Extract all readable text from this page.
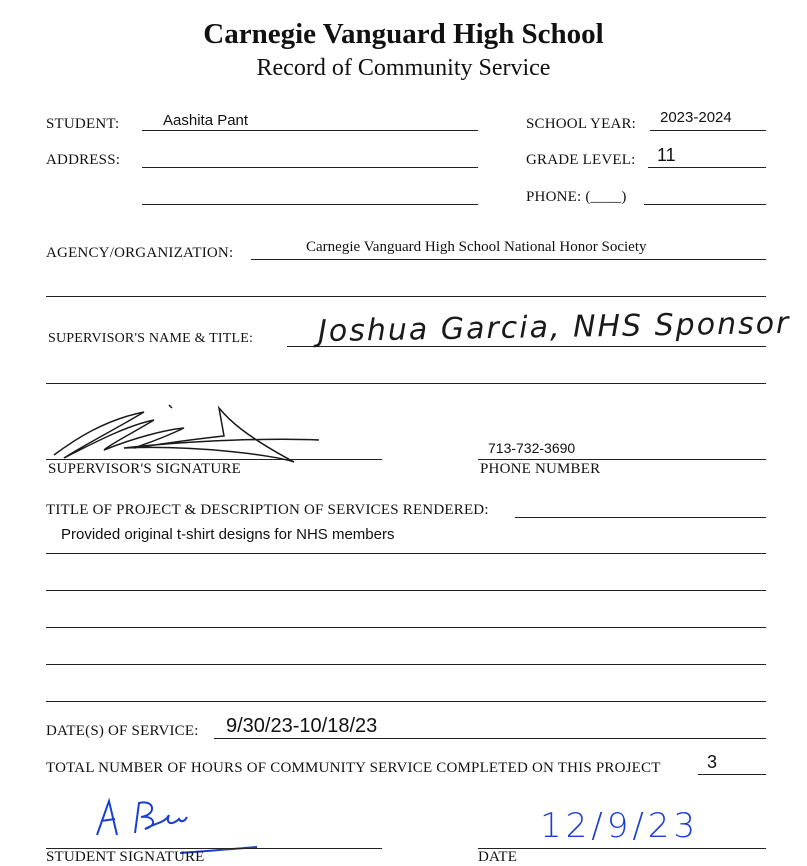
Carnegie Vanguard High School
Record of Community Service
STUDENT:	Aashita Pant	SCHOOL YEAR: 2023-2024
ADDRESS:	GRADE LEVEL: 11
PHONE: (____)
AGENCY/ORGANIZATION:	Carnegie Vanguard High School National Honor Society
SUPERVISOR'S NAME & TITLE: Joshua Garcia, NHS Sponsor
SUPERVISOR'S SIGNATURE
713-732-3690
PHONE NUMBER
TITLE OF PROJECT & DESCRIPTION OF SERVICES RENDERED:
Provided original t-shirt designs for NHS members
DATE(S) OF SERVICE: 9/30/23-10/18/23
TOTAL NUMBER OF HOURS OF COMMUNITY SERVICE COMPLETED ON THIS PROJECT	3
STUDENT SIGNATURE
12/9/23
DATE
